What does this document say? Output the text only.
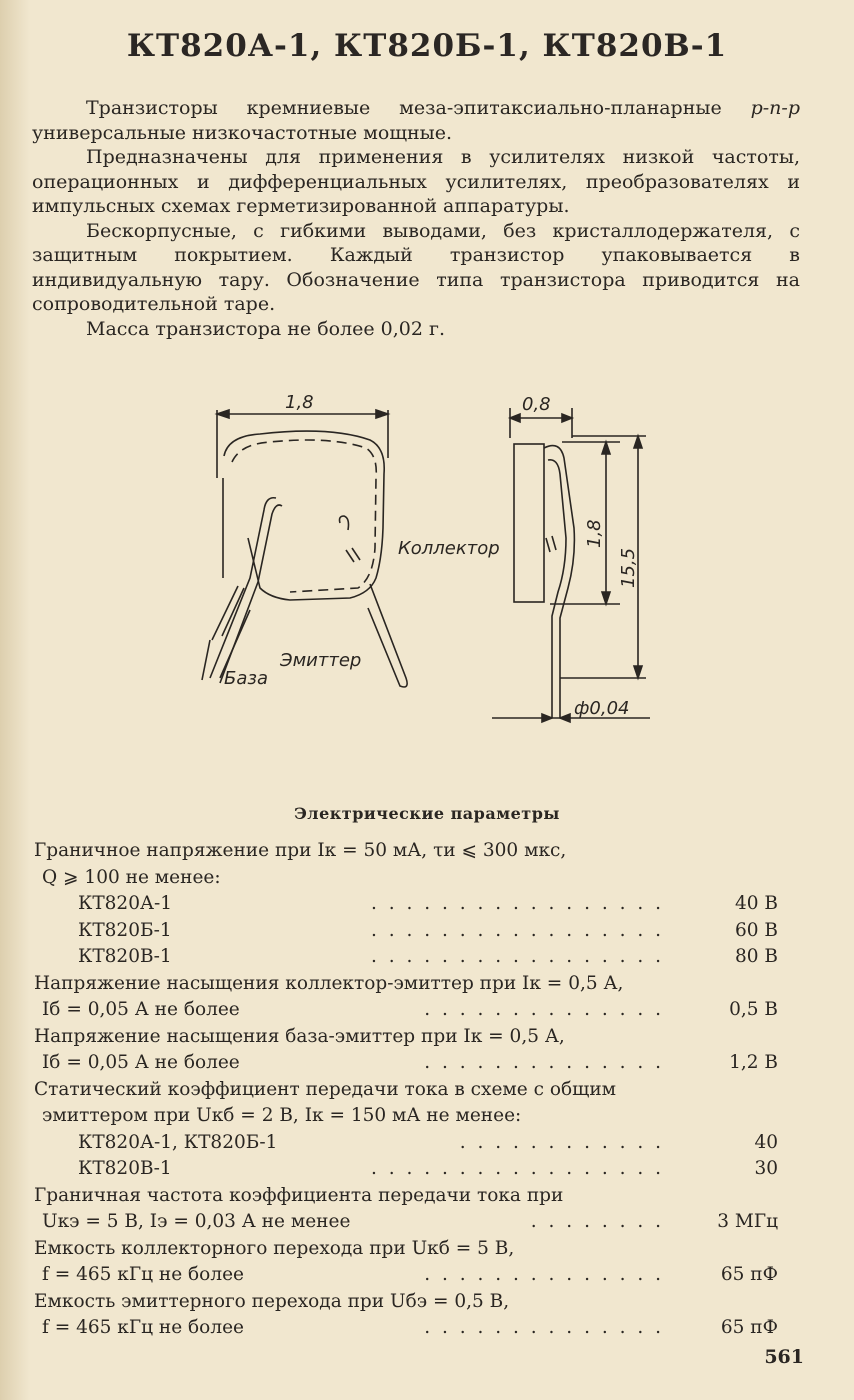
КТ820А-1, КТ820Б-1, КТ820В-1

Транзисторы кремниевые меза-эпитаксиально-планарные p-n-p универсальные низкочастотные мощные.

Предназначены для применения в усилителях низкой частоты, операционных и дифференциальных усилителях, преобразователях и импульсных схемах герметизированной аппаратуры.

Бескорпусные, с гибкими выводами, без кристаллодержателя, с защитным покрытием. Каждый транзистор упаковывается в индивидуальную тару. Обозначение типа транзистора приводится на сопроводительной таре.

Масса транзистора не более 0,02 г.

1,8	0,8
1,8
15,5
ф0,04
Коллектор
Эмиттер
База
Электрические параметры
Граничное напряжение при Iк = 50 мА, τи ⩽ 300 мкс,
Q ⩾ 100 не менее:
КТ820А-1	. . . . . . . . . . . . . . . . .	40 В
КТ820Б-1	. . . . . . . . . . . . . . . . .	60 В
КТ820В-1	. . . . . . . . . . . . . . . . .	80 В
Напряжение насыщения коллектор-эмиттер при Iк = 0,5 А,
Iб = 0,05 А не более	. . . . . . . . . . . . . .	0,5 В
Напряжение насыщения база-эмиттер при Iк = 0,5 А,
Iб = 0,05 А не более	. . . . . . . . . . . . . .	1,2 В
Статический коэффициент передачи тока в схеме с общим
эмиттером при Uкб = 2 В, Iк = 150 мА не менее:
КТ820А-1, КТ820Б-1	. . . . . . . . . . . .	40
КТ820В-1	. . . . . . . . . . . . . . . . .	30
Граничная частота коэффициента передачи тока при
Uкэ = 5 В, Iэ = 0,03 А не менее	. . . . . . . .	3 МГц
Емкость коллекторного перехода при Uкб = 5 В,
f = 465 кГц не более	. . . . . . . . . . . . . .	65 пФ
Емкость эмиттерного перехода при Uбэ = 0,5 В,
f = 465 кГц не более	. . . . . . . . . . . . . .	65 пФ
561
